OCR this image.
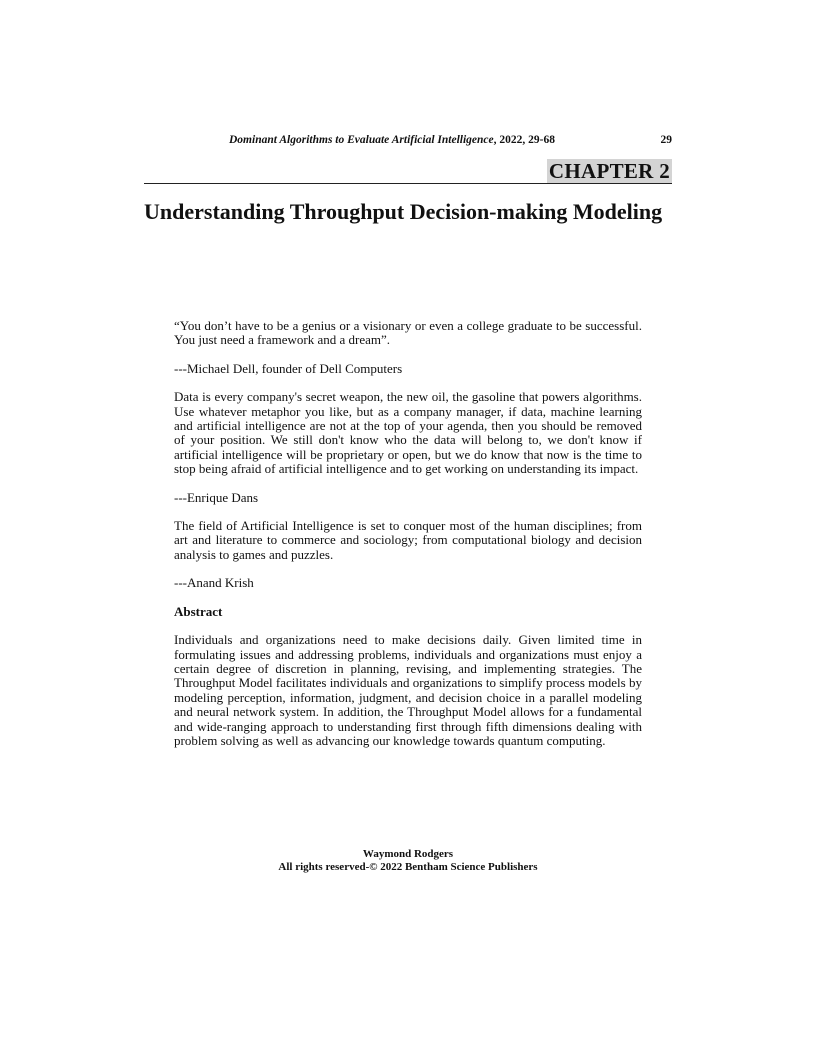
Dominant Algorithms to Evaluate Artificial Intelligence, 2022, 29-68	29
CHAPTER 2
Understanding Throughput Decision-making Modeling

“You don’t have to be a genius or a visionary or even a college graduate to be successful. You just need a framework and a dream”.

---Michael Dell, founder of Dell Computers

Data is every company's secret weapon, the new oil, the gasoline that powers algorithms. Use whatever metaphor you like, but as a company manager, if data, machine learning and artificial intelligence are not at the top of your agenda, then you should be removed of your position. We still don't know who the data will belong to, we don't know if artificial intelligence will be proprietary or open, but we do know that now is the time to stop being afraid of artificial intelligence and to get working on understanding its impact.

---Enrique Dans

The field of Artificial Intelligence is set to conquer most of the human disciplines; from art and literature to commerce and sociology; from computational biology and decision analysis to games and puzzles.

---Anand Krish

Abstract

Individuals and organizations need to make decisions daily. Given limited time in formulating issues and addressing problems, individuals and organizations must enjoy a certain degree of discretion in planning, revising, and implementing strategies. The Throughput Model facilitates individuals and organizations to simplify process models by modeling perception, information, judgment, and decision choice in a parallel modeling and neural network system. In addition, the Throughput Model allows for a fundamental and wide-ranging approach to understanding first through fifth dimensions dealing with problem solving as well as advancing our knowledge towards quantum computing.

Waymond Rodgers
All rights reserved-© 2022 Bentham Science Publishers
